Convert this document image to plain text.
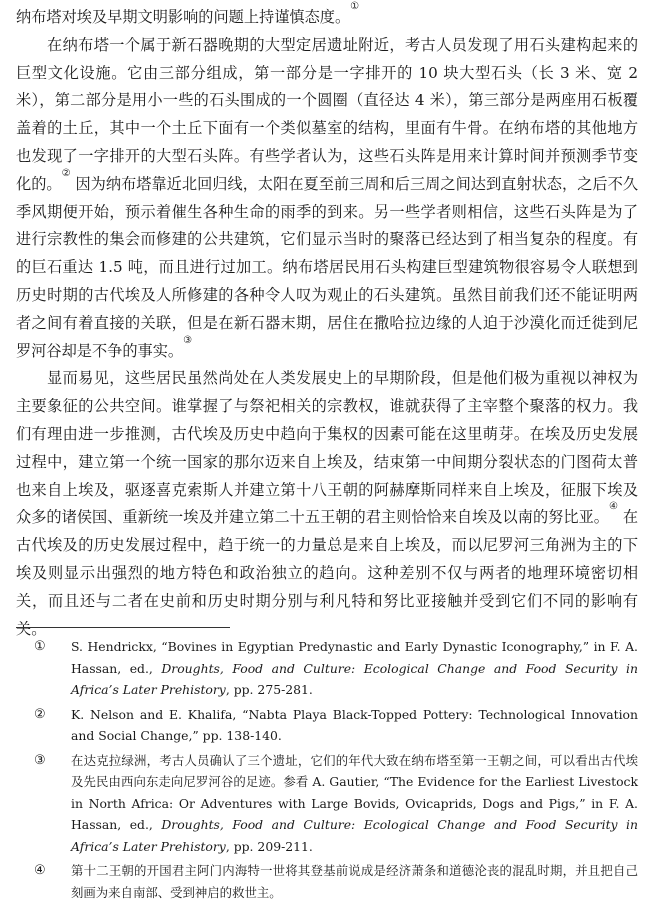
纳布塔对埃及早期文明影响的问题上持谨慎态度。①

在纳布塔一个属于新石器晚期的大型定居遗址附近，考古人员发现了用石头建构起来的巨型文化设施。它由三部分组成，第一部分是一字排开的 10 块大型石头（长 3 米、宽 2 米），第二部分是用小一些的石头围成的一个圆圈（直径达 4 米），第三部分是两座用石板覆盖着的土丘，其中一个土丘下面有一个类似墓室的结构，里面有牛骨。在纳布塔的其他地方也发现了一字排开的大型石头阵。有些学者认为，这些石头阵是用来计算时间并预测季节变化的。② 因为纳布塔靠近北回归线，太阳在夏至前三周和后三周之间达到直射状态，之后不久季风期便开始，预示着催生各种生命的雨季的到来。另一些学者则相信，这些石头阵是为了进行宗教性的集会而修建的公共建筑，它们显示当时的聚落已经达到了相当复杂的程度。有的巨石重达 1.5 吨，而且进行过加工。纳布塔居民用石头构建巨型建筑物很容易令人联想到历史时期的古代埃及人所修建的各种令人叹为观止的石头建筑。虽然目前我们还不能证明两者之间有着直接的关联，但是在新石器末期，居住在撒哈拉边缘的人迫于沙漠化而迁徙到尼罗河谷却是不争的事实。③

显而易见，这些居民虽然尚处在人类发展史上的早期阶段，但是他们极为重视以神权为主要象征的公共空间。谁掌握了与祭祀相关的宗教权，谁就获得了主宰整个聚落的权力。我们有理由进一步推测，古代埃及历史中趋向于集权的因素可能在这里萌芽。在埃及历史发展过程中，建立第一个统一国家的那尔迈来自上埃及，结束第一中间期分裂状态的门图荷太普也来自上埃及，驱逐喜克索斯人并建立第十八王朝的阿赫摩斯同样来自上埃及，征服下埃及众多的诸侯国、重新统一埃及并建立第二十五王朝的君主则恰恰来自埃及以南的努比亚。④ 在古代埃及的历史发展过程中，趋于统一的力量总是来自上埃及，而以尼罗河三角洲为主的下埃及则显示出强烈的地方特色和政治独立的趋向。这种差别不仅与两者的地理环境密切相关，而且还与二者在史前和历史时期分别与利凡特和努比亚接触并受到它们不同的影响有关。

① S. Hendrickx, “Bovines in Egyptian Predynastic and Early Dynastic Iconography,” in F. A. Hassan, ed., Droughts, Food and Culture: Ecological Change and Food Security in Africa’s Later Prehistory, pp. 275-281.
② K. Nelson and E. Khalifa, “Nabta Playa Black-Topped Pottery: Technological Innovation and Social Change,” pp. 138-140.
③ 在达克拉绿洲，考古人员确认了三个遗址，它们的年代大致在纳布塔至第一王朝之间，可以看出古代埃及先民由西向东走向尼罗河谷的足迹。参看 A. Gautier, “The Evidence for the Earliest Livestock in North Africa: Or Adventures with Large Bovids, Ovicaprids, Dogs and Pigs,” in F. A. Hassan, ed., Droughts, Food and Culture: Ecological Change and Food Security in Africa’s Later Prehistory, pp. 209-211.
④ 第十二王朝的开国君主阿门内海特一世将其登基前说成是经济萧条和道德沦丧的混乱时期，并且把自己刻画为来自南部、受到神启的救世主。
